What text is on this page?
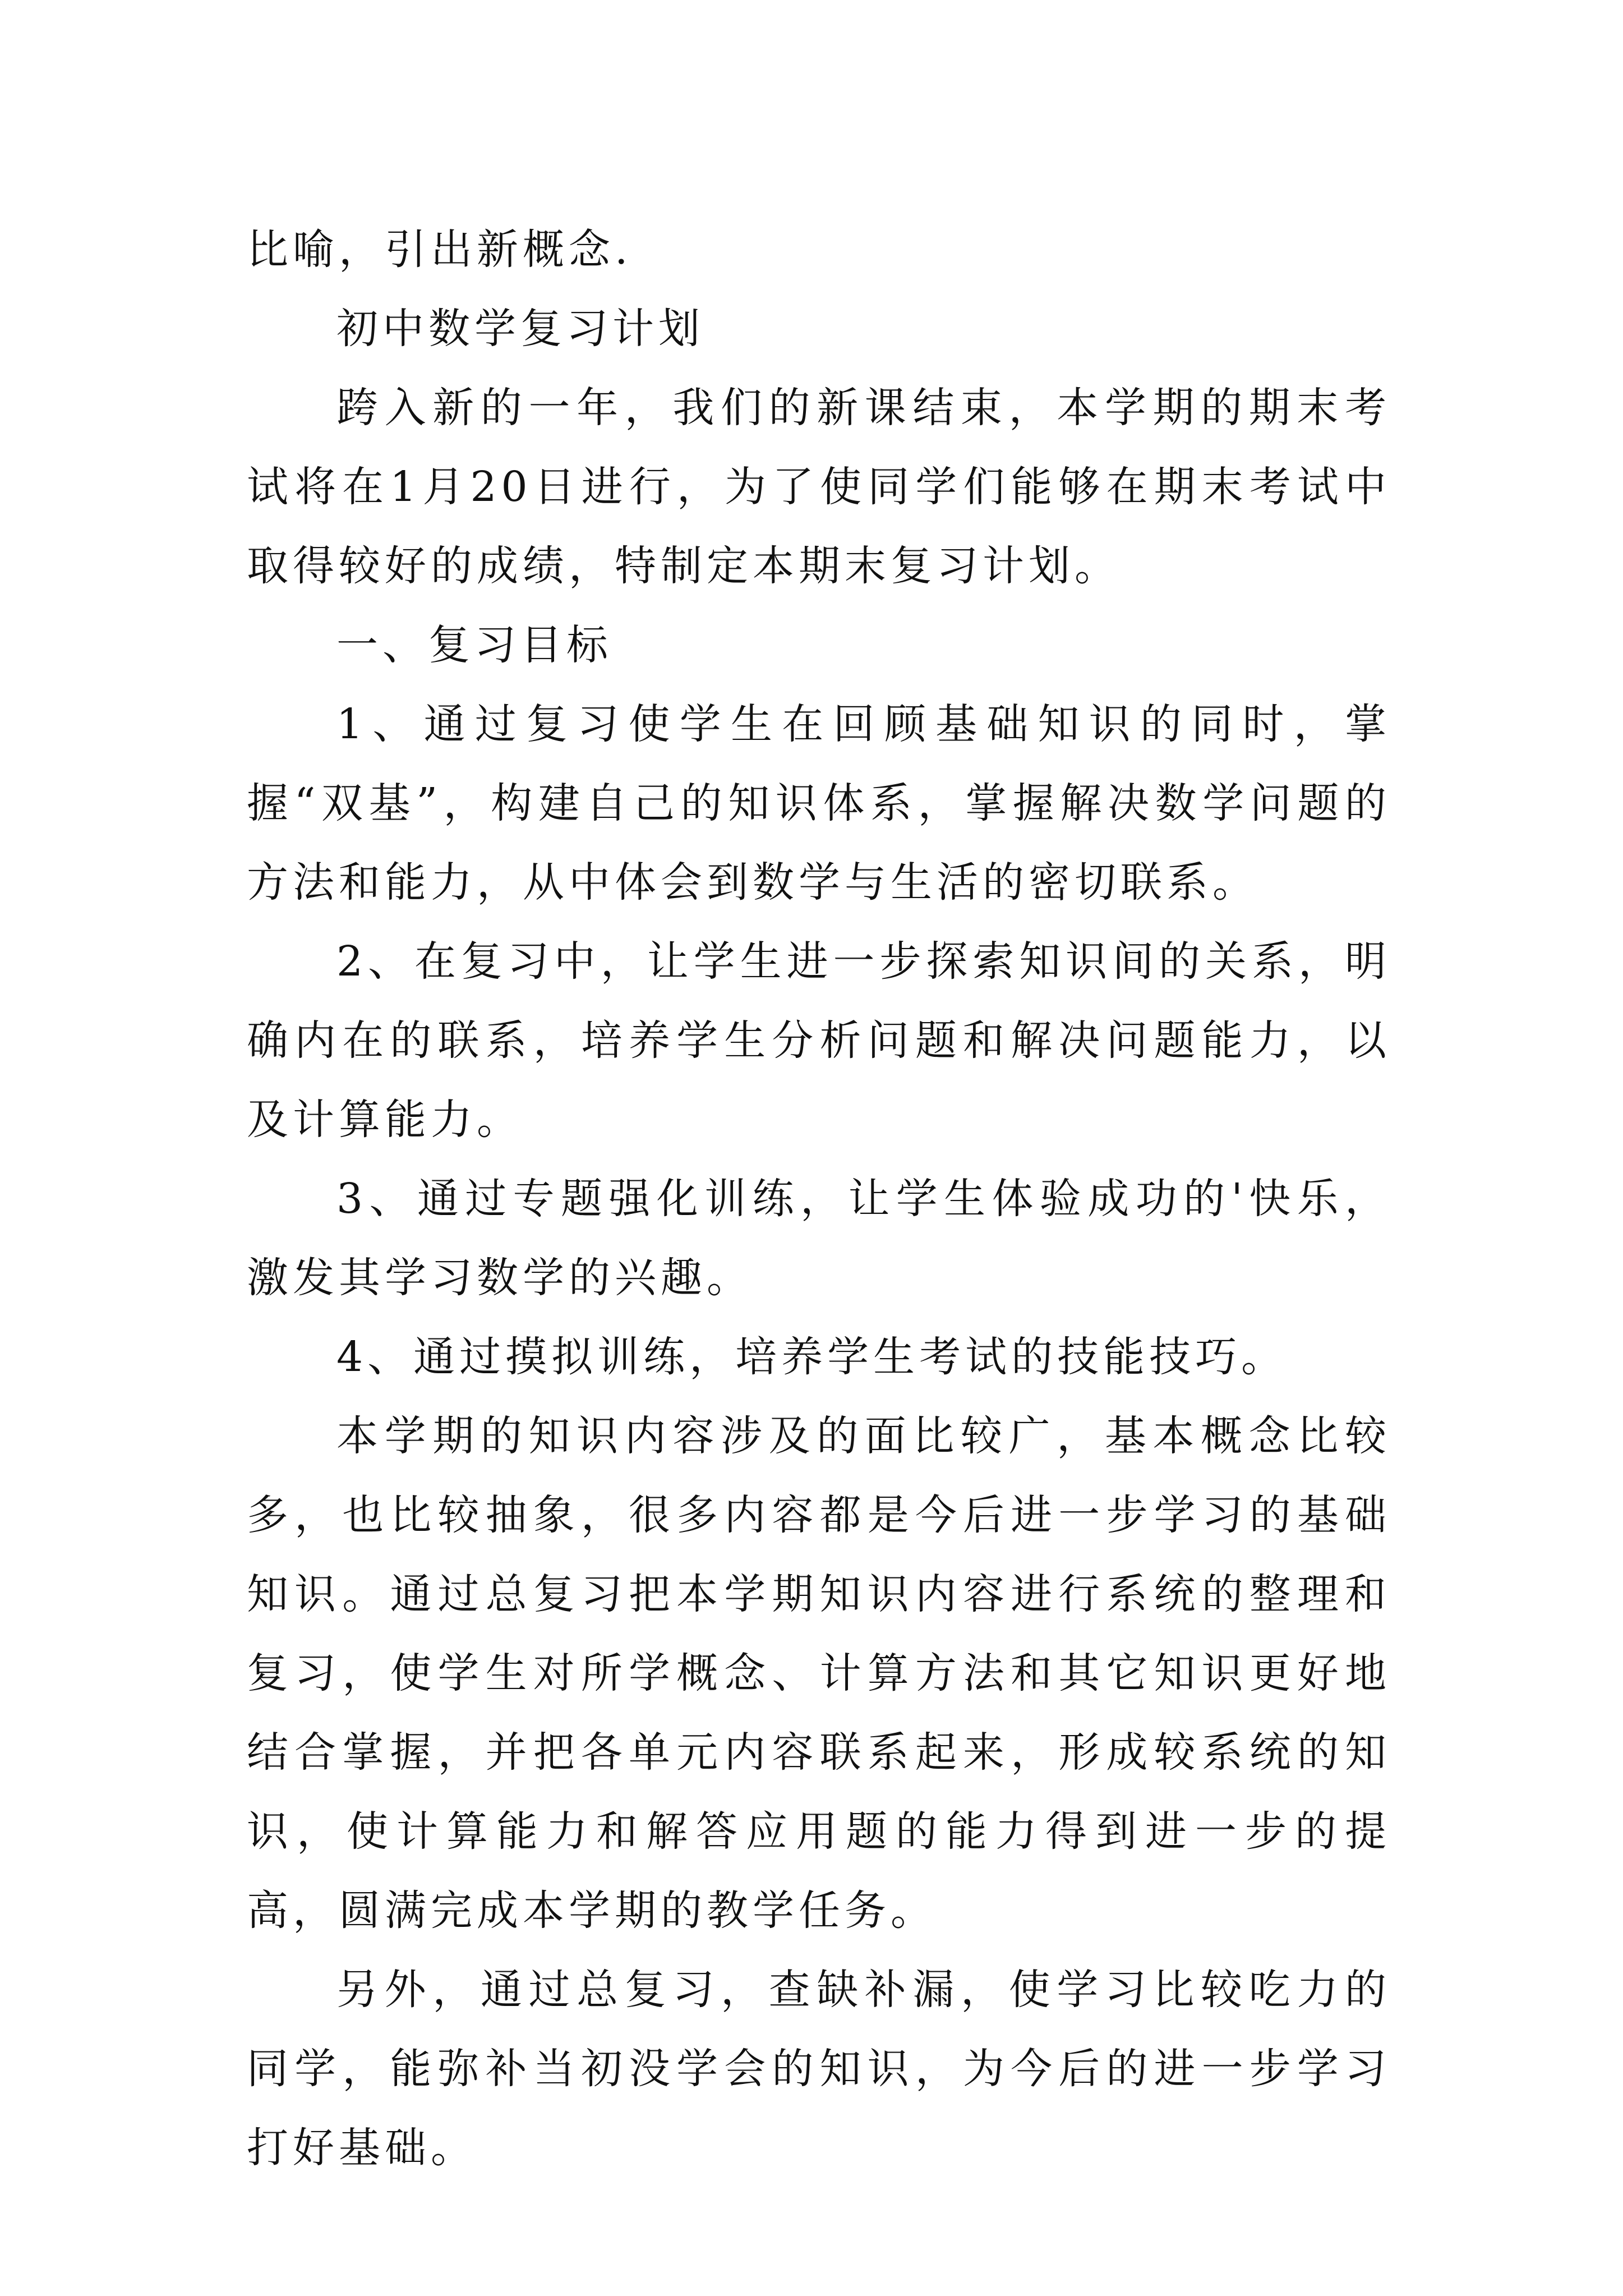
比喻，引出新概念.

初中数学复习计划

跨入新的一年，我们的新课结束，本学期的期末考试将在1月20日进行，为了使同学们能够在期末考试中取得较好的成绩，特制定本期末复习计划。

一、复习目标

1、通过复习使学生在回顾基础知识的同时，掌握“双基”，构建自己的知识体系，掌握解决数学问题的方法和能力，从中体会到数学与生活的密切联系。

2、在复习中，让学生进一步探索知识间的关系，明确内在的联系，培养学生分析问题和解决问题能力，以及计算能力。

3、通过专题强化训练，让学生体验成功的'快乐，激发其学习数学的兴趣。

4、通过摸拟训练，培养学生考试的技能技巧。

本学期的知识内容涉及的面比较广，基本概念比较多，也比较抽象，很多内容都是今后进一步学习的基础知识。通过总复习把本学期知识内容进行系统的整理和复习，使学生对所学概念、计算方法和其它知识更好地结合掌握，并把各单元内容联系起来，形成较系统的知识，使计算能力和解答应用题的能力得到进一步的提高，圆满完成本学期的教学任务。

另外，通过总复习，查缺补漏，使学习比较吃力的同学，能弥补当初没学会的知识，为今后的进一步学习打好基础。
